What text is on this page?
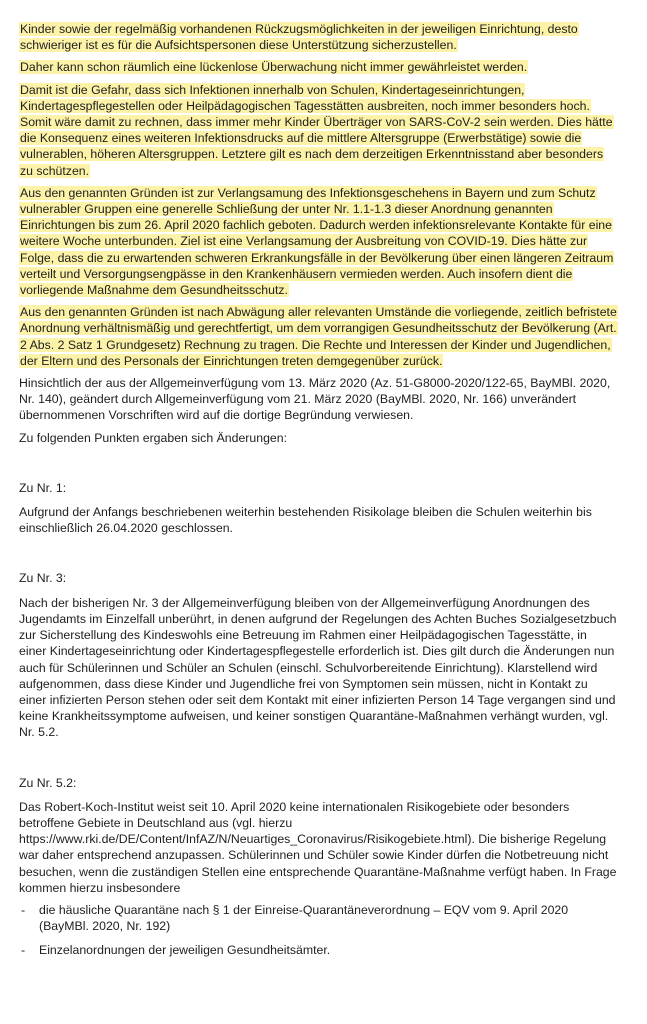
Kinder sowie der regelmäßig vorhandenen Rückzugsmöglichkeiten in der jeweiligen Einrichtung, desto schwieriger ist es für die Aufsichtspersonen diese Unterstützung sicherzustellen.

Daher kann schon räumlich eine lückenlose Überwachung nicht immer gewährleistet werden.

Damit ist die Gefahr, dass sich Infektionen innerhalb von Schulen, Kindertageseinrichtungen, Kindertagespflegestellen oder Heilpädagogischen Tagesstätten ausbreiten, noch immer besonders hoch. Somit wäre damit zu rechnen, dass immer mehr Kinder Überträger von SARS-CoV-2 sein werden. Dies hätte die Konsequenz eines weiteren Infektionsdrucks auf die mittlere Altersgruppe (Erwerbstätige) sowie die vulnerablen, höheren Altersgruppen. Letztere gilt es nach dem derzeitigen Erkenntnisstand aber besonders zu schützen.

Aus den genannten Gründen ist zur Verlangsamung des Infektionsgeschehens in Bayern und zum Schutz vulnerabler Gruppen eine generelle Schließung der unter Nr. 1.1-1.3 dieser Anordnung genannten Einrichtungen bis zum 26. April 2020 fachlich geboten. Dadurch werden infektionsrelevante Kontakte für eine weitere Woche unterbunden. Ziel ist eine Verlangsamung der Ausbreitung von COVID-19. Dies hätte zur Folge, dass die zu erwartenden schweren Erkrankungsfälle in der Bevölkerung über einen längeren Zeitraum verteilt und Versorgungsengpässe in den Krankenhäusern vermieden werden. Auch insofern dient die vorliegende Maßnahme dem Gesundheitsschutz.

Aus den genannten Gründen ist nach Abwägung aller relevanten Umstände die vorliegende, zeitlich befristete Anordnung verhältnismäßig und gerechtfertigt, um dem vorrangigen Gesundheitsschutz der Bevölkerung (Art. 2 Abs. 2 Satz 1 Grundgesetz) Rechnung zu tragen. Die Rechte und Interessen der Kinder und Jugendlichen, der Eltern und des Personals der Einrichtungen treten demgegenüber zurück.

Hinsichtlich der aus der Allgemeinverfügung vom 13. März 2020 (Az. 51-G8000-2020/122-65, BayMBl. 2020, Nr. 140), geändert durch Allgemeinverfügung vom 21. März 2020 (BayMBl. 2020, Nr. 166) unverändert übernommenen Vorschriften wird auf die dortige Begründung verwiesen.

Zu folgenden Punkten ergaben sich Änderungen:

Zu Nr. 1:

Aufgrund der Anfangs beschriebenen weiterhin bestehenden Risikolage bleiben die Schulen weiterhin bis einschließlich 26.04.2020 geschlossen.

Zu Nr. 3:

Nach der bisherigen Nr. 3 der Allgemeinverfügung bleiben von der Allgemeinverfügung Anordnungen des Jugendamts im Einzelfall unberührt, in denen aufgrund der Regelungen des Achten Buches Sozialgesetzbuch zur Sicherstellung des Kindeswohls eine Betreuung im Rahmen einer Heilpädagogischen Tagesstätte, in einer Kindertageseinrichtung oder Kindertagespflegestelle erforderlich ist. Dies gilt durch die Änderungen nun auch für Schülerinnen und Schüler an Schulen (einschl. Schulvorbereitende Einrichtung). Klarstellend wird aufgenommen, dass diese Kinder und Jugendliche frei von Symptomen sein müssen, nicht in Kontakt zu einer infizierten Person stehen oder seit dem Kontakt mit einer infizierten Person 14 Tage vergangen sind und keine Krankheitssymptome aufweisen, und keiner sonstigen Quarantäne-Maßnahmen verhängt wurden, vgl. Nr. 5.2.

Zu Nr. 5.2:

Das Robert-Koch-Institut weist seit 10. April 2020 keine internationalen Risikogebiete oder besonders betroffene Gebiete in Deutschland aus (vgl. hierzu https://www.rki.de/DE/Content/InfAZ/N/Neuartiges_Coronavirus/Risikogebiete.html). Die bisherige Regelung war daher entsprechend anzupassen. Schülerinnen und Schüler sowie Kinder dürfen die Notbetreuung nicht besuchen, wenn die zuständigen Stellen eine entsprechende Quarantäne-Maßnahme verfügt haben. In Frage kommen hierzu insbesondere

- die häusliche Quarantäne nach § 1 der Einreise-Quarantäneverordnung – EQV vom 9. April 2020 (BayMBl. 2020, Nr. 192)
- Einzelanordnungen der jeweiligen Gesundheitsämter.
